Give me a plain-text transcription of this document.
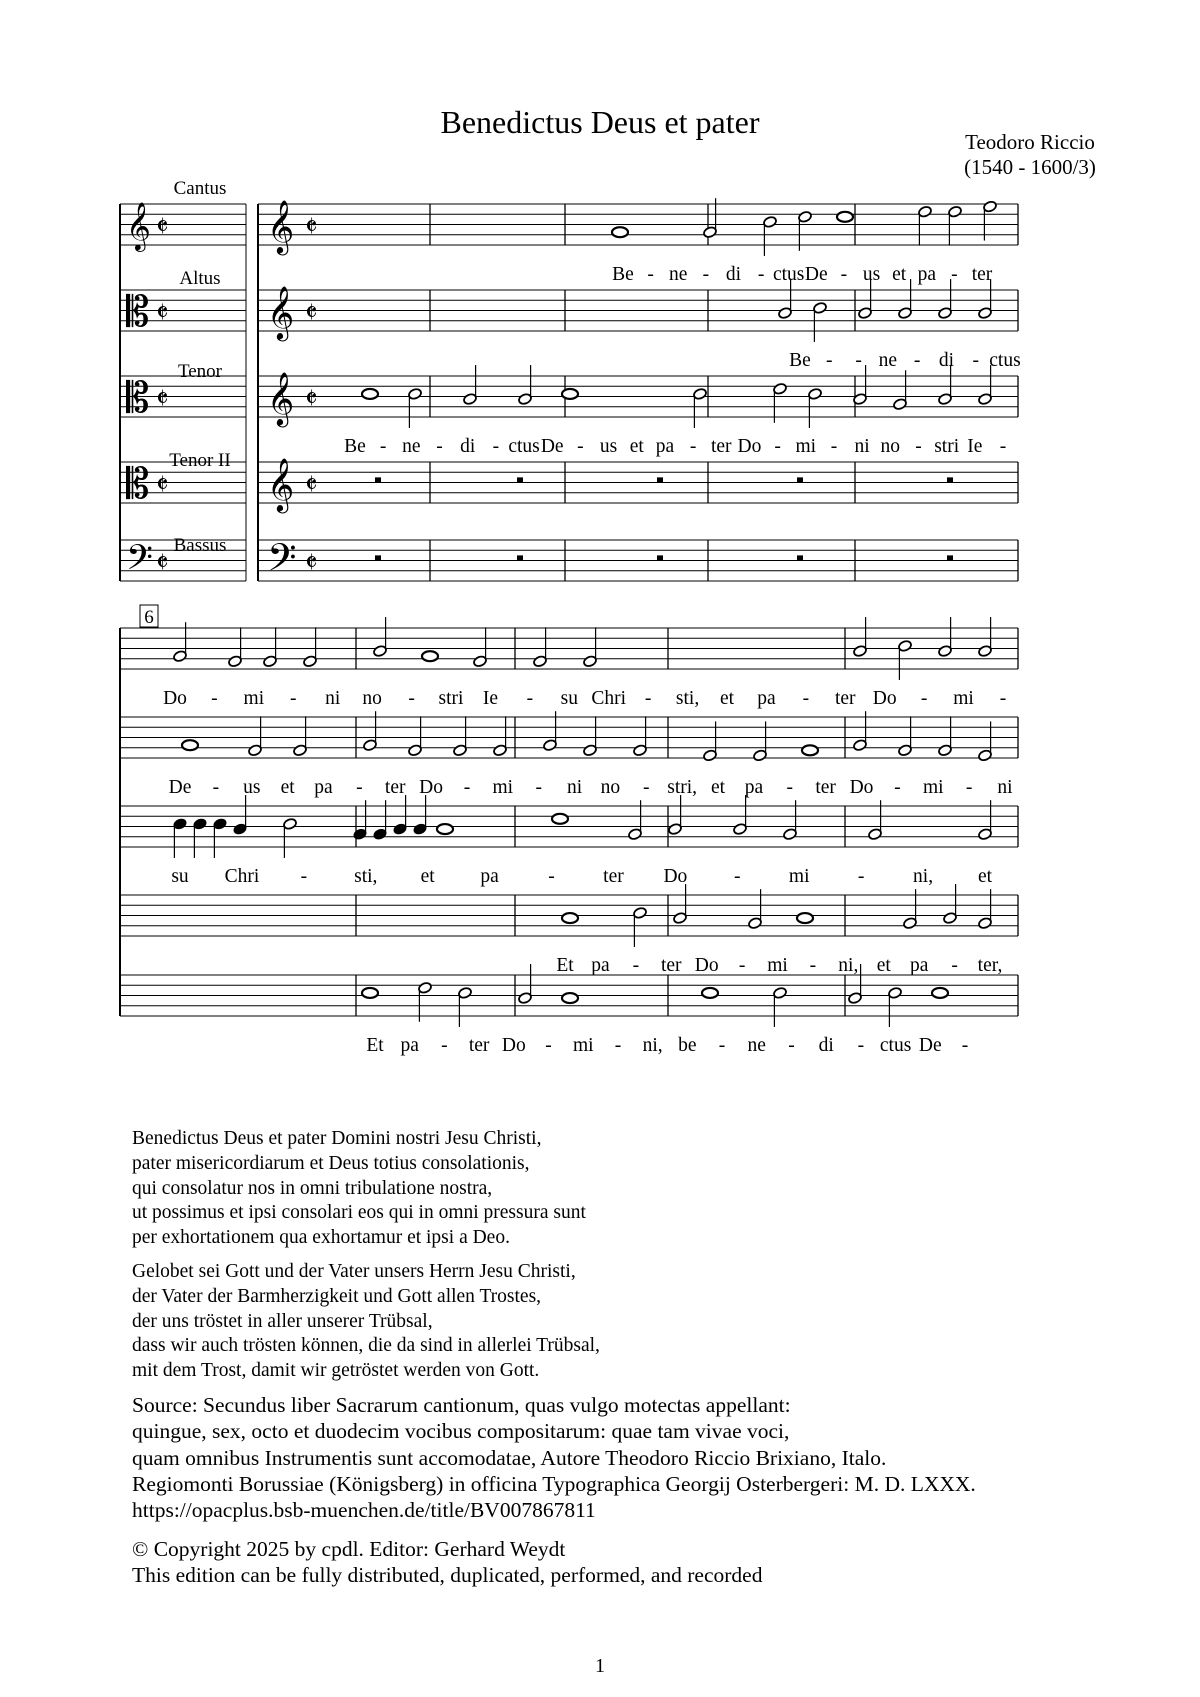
Benedictus Deus et pater
Teodoro Riccio
(1540 - 1600/3)
𝄞
𝄞 𝄵	𝄵
𝄞
𝄡 𝄵	𝄵
𝄞
𝄡 𝄵	𝄵
𝄞
𝄡 𝄵	𝄵
𝄢
𝄢 𝄵	𝄵
6
Cantus
Altus
Tenor
Tenor II
Bassus
Be - ne - di - ctus De - us et pa - ter
Be - - ne - di - ctus
Be - ne - di - ctus De - us et pa - ter Do - mi - ni no - stri Ie -
Do - mi - ni no - stri Ie - su Chri - sti, et pa - ter Do - mi -
De - us et pa - ter Do - mi - ni no - stri, et pa - ter Do - mi - ni
su Chri - sti, et pa	- ter Do - mi - ni, et
Et pa - ter Do - mi - ni, et pa - ter,
Et pa - ter Do - mi - ni, be - ne - di - ctus De -
Benedictus Deus et pater Domini nostri Jesu Christi,
pater misericordiarum et Deus totius consolationis,
qui consolatur nos in omni tribulatione nostra,
ut possimus et ipsi consolari eos qui in omni pressura sunt
per exhortationem qua exhortamur et ipsi a Deo.
Gelobet sei Gott und der Vater unsers Herrn Jesu Christi,
der Vater der Barmherzigkeit und Gott allen Trostes,
der uns tröstet in aller unserer Trübsal,
dass wir auch trösten können, die da sind in allerlei Trübsal,
mit dem Trost, damit wir getröstet werden von Gott.
Source: Secundus liber Sacrarum cantionum, quas vulgo motectas appellant:
quingue, sex, octo et duodecim vocibus compositarum: quae tam vivae voci,
quam omnibus Instrumentis sunt accomodatae, Autore Theodoro Riccio Brixiano, Italo.
Regiomonti Borussiae (Königsberg) in officina Typographica Georgij Osterbergeri: M. D. LXXX.
https://opacplus.bsb-muenchen.de/title/BV007867811
© Copyright 2025 by cpdl. Editor: Gerhard Weydt
This edition can be fully distributed, duplicated, performed, and recorded
1
